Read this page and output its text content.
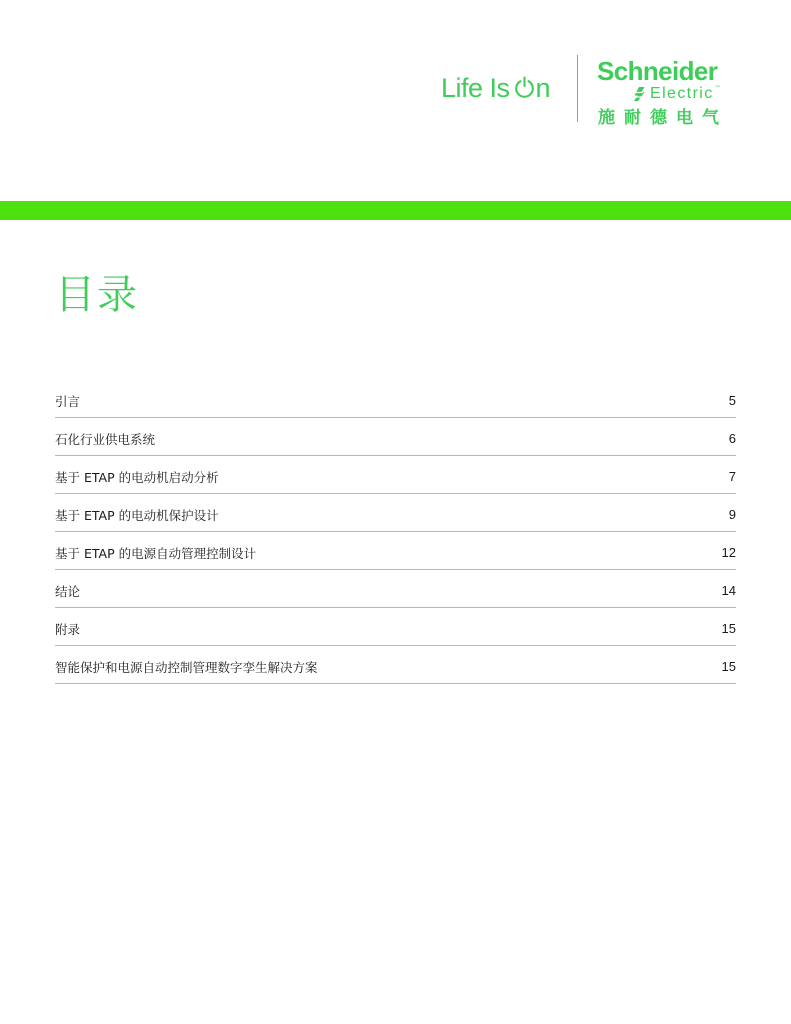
Life Is n
Schneider
Electric ™
施耐德电气
目录
引言	5
石化行业供电系统	6
基于 ETAP 的电动机启动分析	7
基于 ETAP 的电动机保护设计	9
基于 ETAP 的电源自动管理控制设计	12
结论	14
附录	15
智能保护和电源自动控制管理数字孪生解决方案	15
